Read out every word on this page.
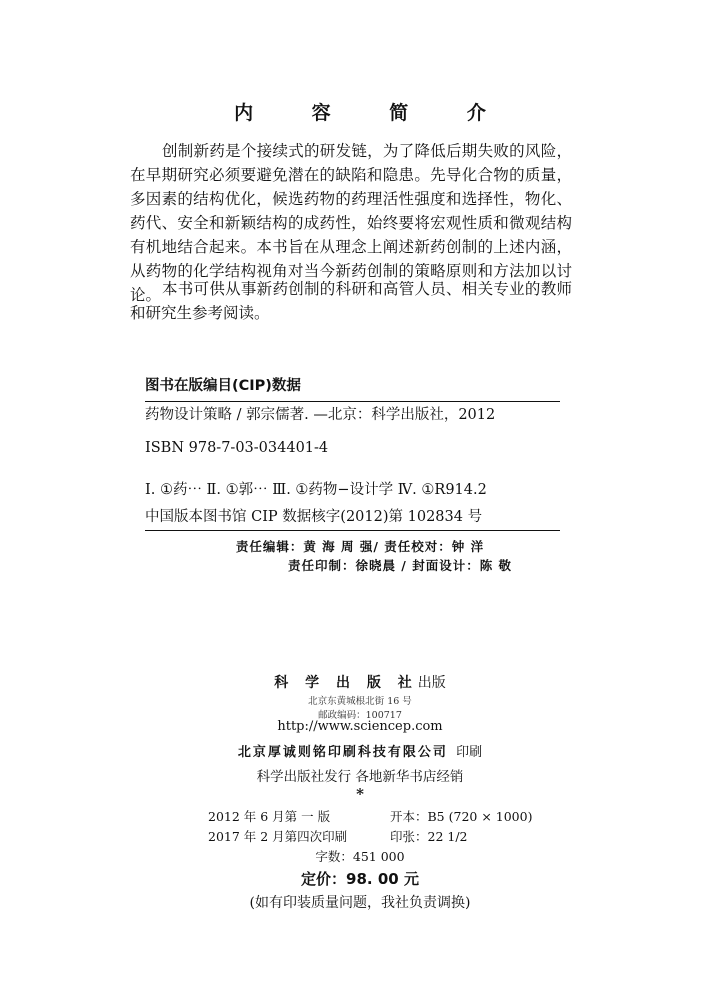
内 容 简 介

创制新药是个接续式的研发链，为了降低后期失败的风险，在早期研究必须要避免潜在的缺陷和隐患。先导化合物的质量，多因素的结构优化，候选药物的药理活性强度和选择性，物化、药代、安全和新颖结构的成药性，始终要将宏观性质和微观结构有机地结合起来。本书旨在从理念上阐述新药创制的上述内涵，从药物的化学结构视角对当今新药创制的策略原则和方法加以讨论。 本书可供从事新药创制的科研和高管人员、相关专业的教师和研究生参考阅读。

图书在版编目(CIP)数据
药物设计策略 / 郭宗儒著. —北京：科学出版社，2012
ISBN 978-7-03-034401-4
Ⅰ. ①药⋯ Ⅱ. ①郭⋯ Ⅲ. ①药物−设计学 Ⅳ. ①R914.2
中国版本图书馆 CIP 数据核字(2012)第 102834 号
责任编辑：黄 海 周 强/ 责任校对：钟 洋
责任印制：徐晓晨 / 封面设计：陈 敬
科 学 出 版 社出版
北京东黄城根北街 16 号
邮政编码：100717
http://www.sciencep.com
北京厚诚则铭印刷科技有限公司 印刷
科学出版社发行 各地新华书店经销
*
2012 年 6 月第 一 版	开本：B5 (720 × 1000)
2017 年 2 月第四次印刷	印张：22 1/2
字数：451 000
定价：98. 00 元
(如有印装质量问题，我社负责调换)
